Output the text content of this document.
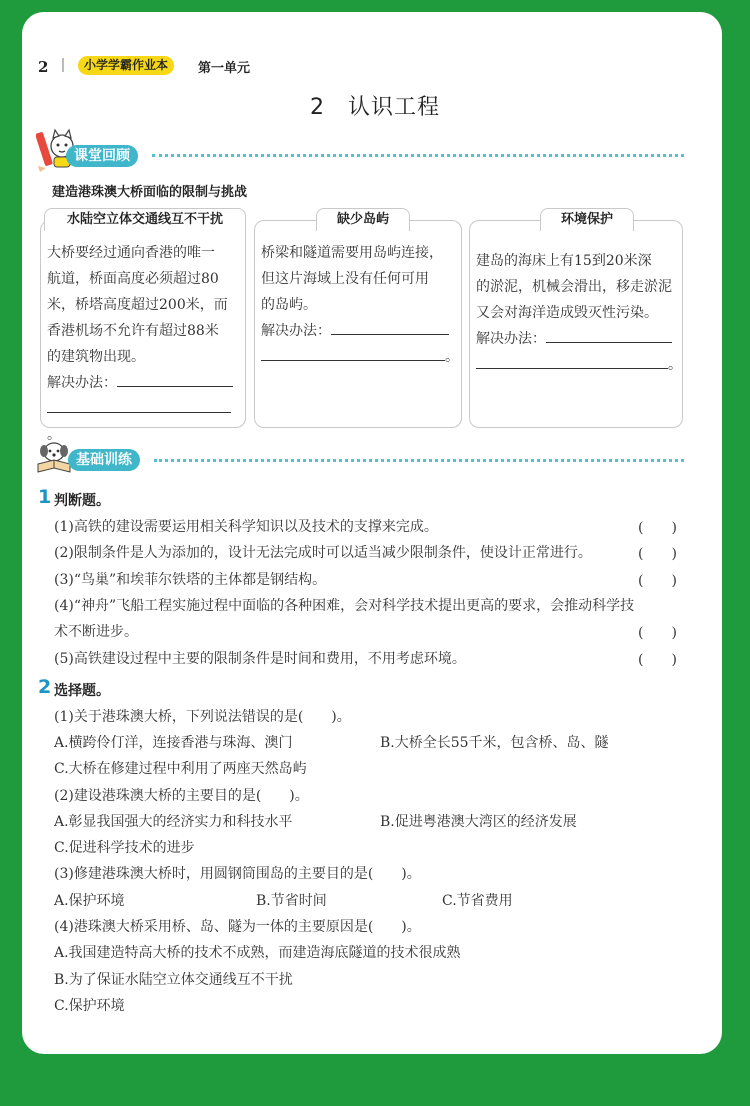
2	小学学霸作业本	第一单元
2　认识工程
课堂回顾
建造港珠澳大桥面临的限制与挑战
水陆空立体交通线互不干扰
大桥要经过通向香港的唯一
航道，桥面高度必须超过80
米，桥塔高度超过200米，而
香港机场不允许有超过88米
的建筑物出现。
解决办法：
。
缺少岛屿
桥梁和隧道需要用岛屿连接，
但这片海域上没有任何可用
的岛屿。
解决办法：
。
环境保护
建岛的海床上有15到20米深
的淤泥，机械会滑出，移走淤泥
又会对海洋造成毁灭性污染。
解决办法：
。
基础训练
1 判断题。
(1)高铁的建设需要运用相关科学知识以及技术的支撑来完成。	(　　)
(2)限制条件是人为添加的，设计无法完成时可以适当减少限制条件，使设计正常进行。	(　　)
(3)“鸟巢”和埃菲尔铁塔的主体都是钢结构。	(　　)
(4)“神舟”飞船工程实施过程中面临的各种困难，会对科学技术提出更高的要求，会推动科学技
术不断进步。	(　　)
(5)高铁建设过程中主要的限制条件是时间和费用，不用考虑环境。	(　　)
2 选择题。
(1)关于港珠澳大桥，下列说法错误的是(　　)。
A.横跨伶仃洋，连接香港与珠海、澳门	B.大桥全长55千米，包含桥、岛、隧
C.大桥在修建过程中利用了两座天然岛屿
(2)建设港珠澳大桥的主要目的是(　　)。
A.彰显我国强大的经济实力和科技水平	B.促进粤港澳大湾区的经济发展
C.促进科学技术的进步
(3)修建港珠澳大桥时，用圆钢筒围岛的主要目的是(　　)。
A.保护环境	B.节省时间	C.节省费用
(4)港珠澳大桥采用桥、岛、隧为一体的主要原因是(　　)。
A.我国建造特高大桥的技术不成熟，而建造海底隧道的技术很成熟
B.为了保证水陆空立体交通线互不干扰
C.保护环境
